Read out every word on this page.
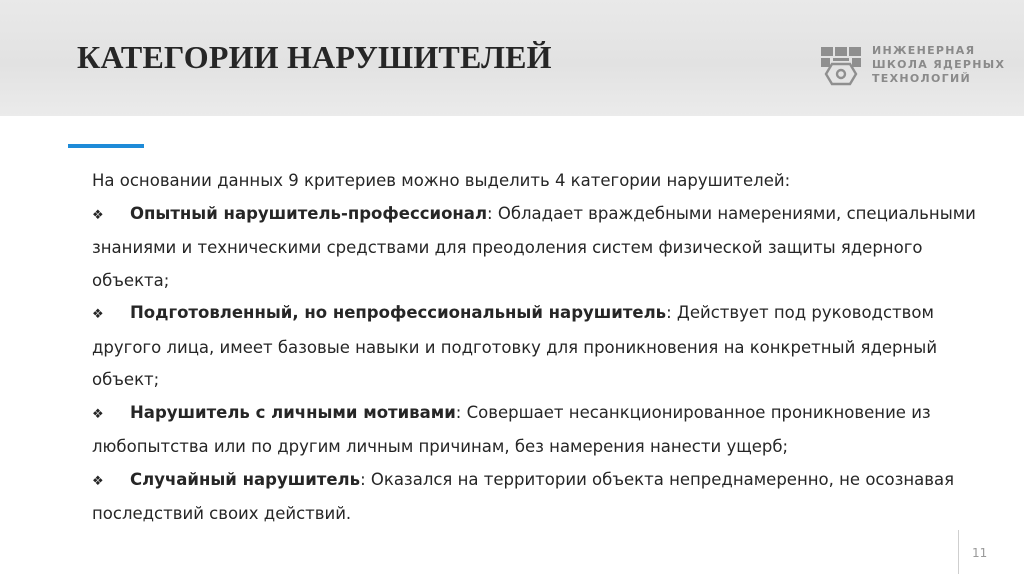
КАТЕГОРИИ НАРУШИТЕЛЕЙ	ИНЖЕНЕРНАЯ
ШКОЛА ЯДЕРНЫХ
ТЕХНОЛОГИЙ

На основании данных 9 критериев можно выделить 4 категории нарушителей:

❖ Опытный нарушитель-профессионал: Обладает враждебными намерениями, специальными знаниями и техническими средствами для преодоления систем физической защиты ядерного объекта;

❖ Подготовленный, но непрофессиональный нарушитель: Действует под руководством другого лица, имеет базовые навыки и подготовку для проникновения на конкретный ядерный объект;

❖ Нарушитель с личными мотивами: Совершает несанкционированное проникновение из любопытства или по другим личным причинам, без намерения нанести ущерб;

❖ Случайный нарушитель: Оказался на территории объекта непреднамеренно, не осознавая последствий своих действий.

11
